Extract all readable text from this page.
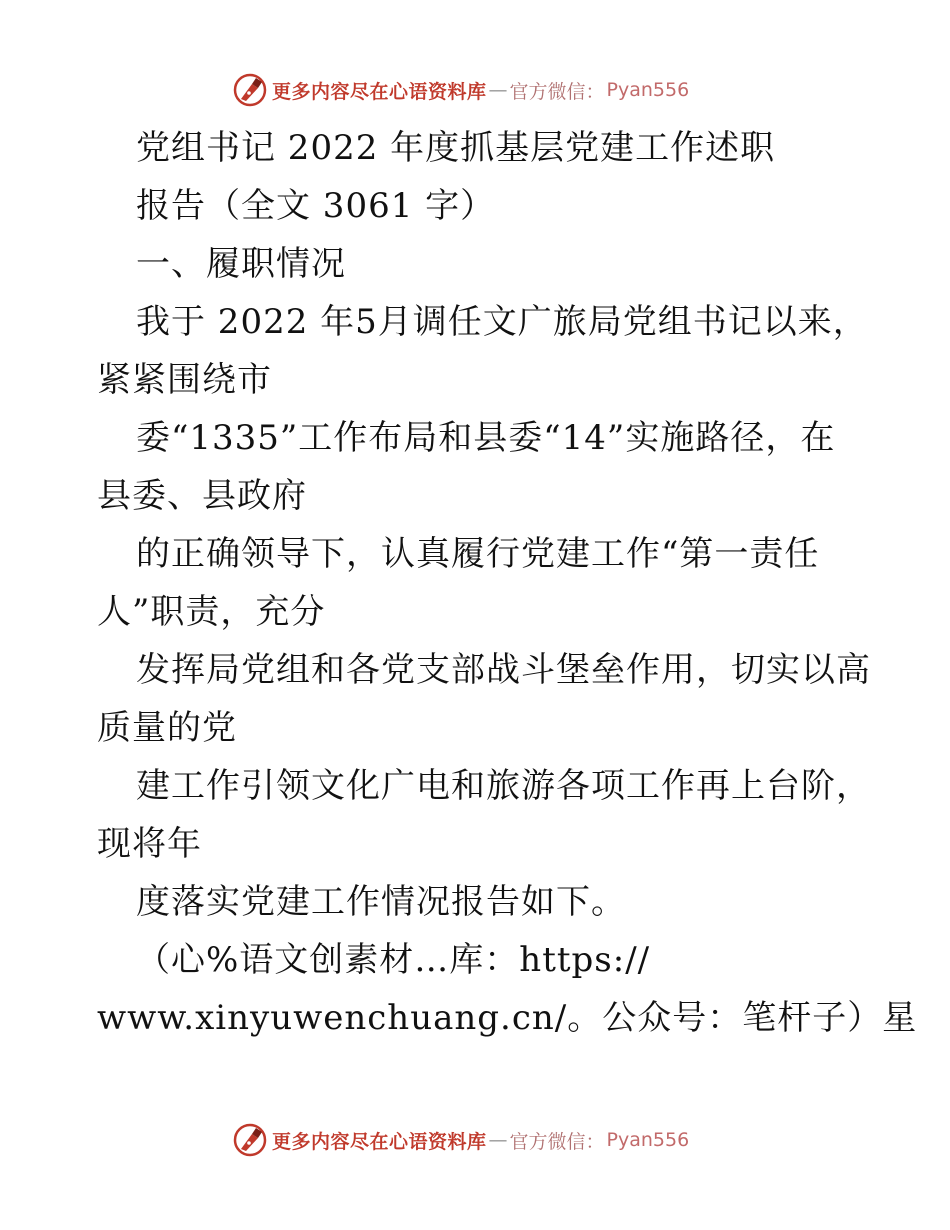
更多内容尽在心语资料库 — 官方微信： Pyan556
党组书记 2022 年度抓基层党建工作述职
报告（全文 3061 字）
一、履职情况
我于 2022 年5月调任文广旅局党组书记以来，
紧紧围绕市
委“1335”工作布局和县委“14”实施路径，在
县委、县政府
的正确领导下，认真履行党建工作“第一责任
人”职责，充分
发挥局党组和各党支部战斗堡垒作用，切实以高
质量的党
建工作引领文化广电和旅游各项工作再上台阶，
现将年
度落实党建工作情况报告如下。
（心%语文创素材…库：https://
www.xinyuwenchuang.cn/。公众号：笔杆子）星
更多内容尽在心语资料库 — 官方微信： Pyan556
